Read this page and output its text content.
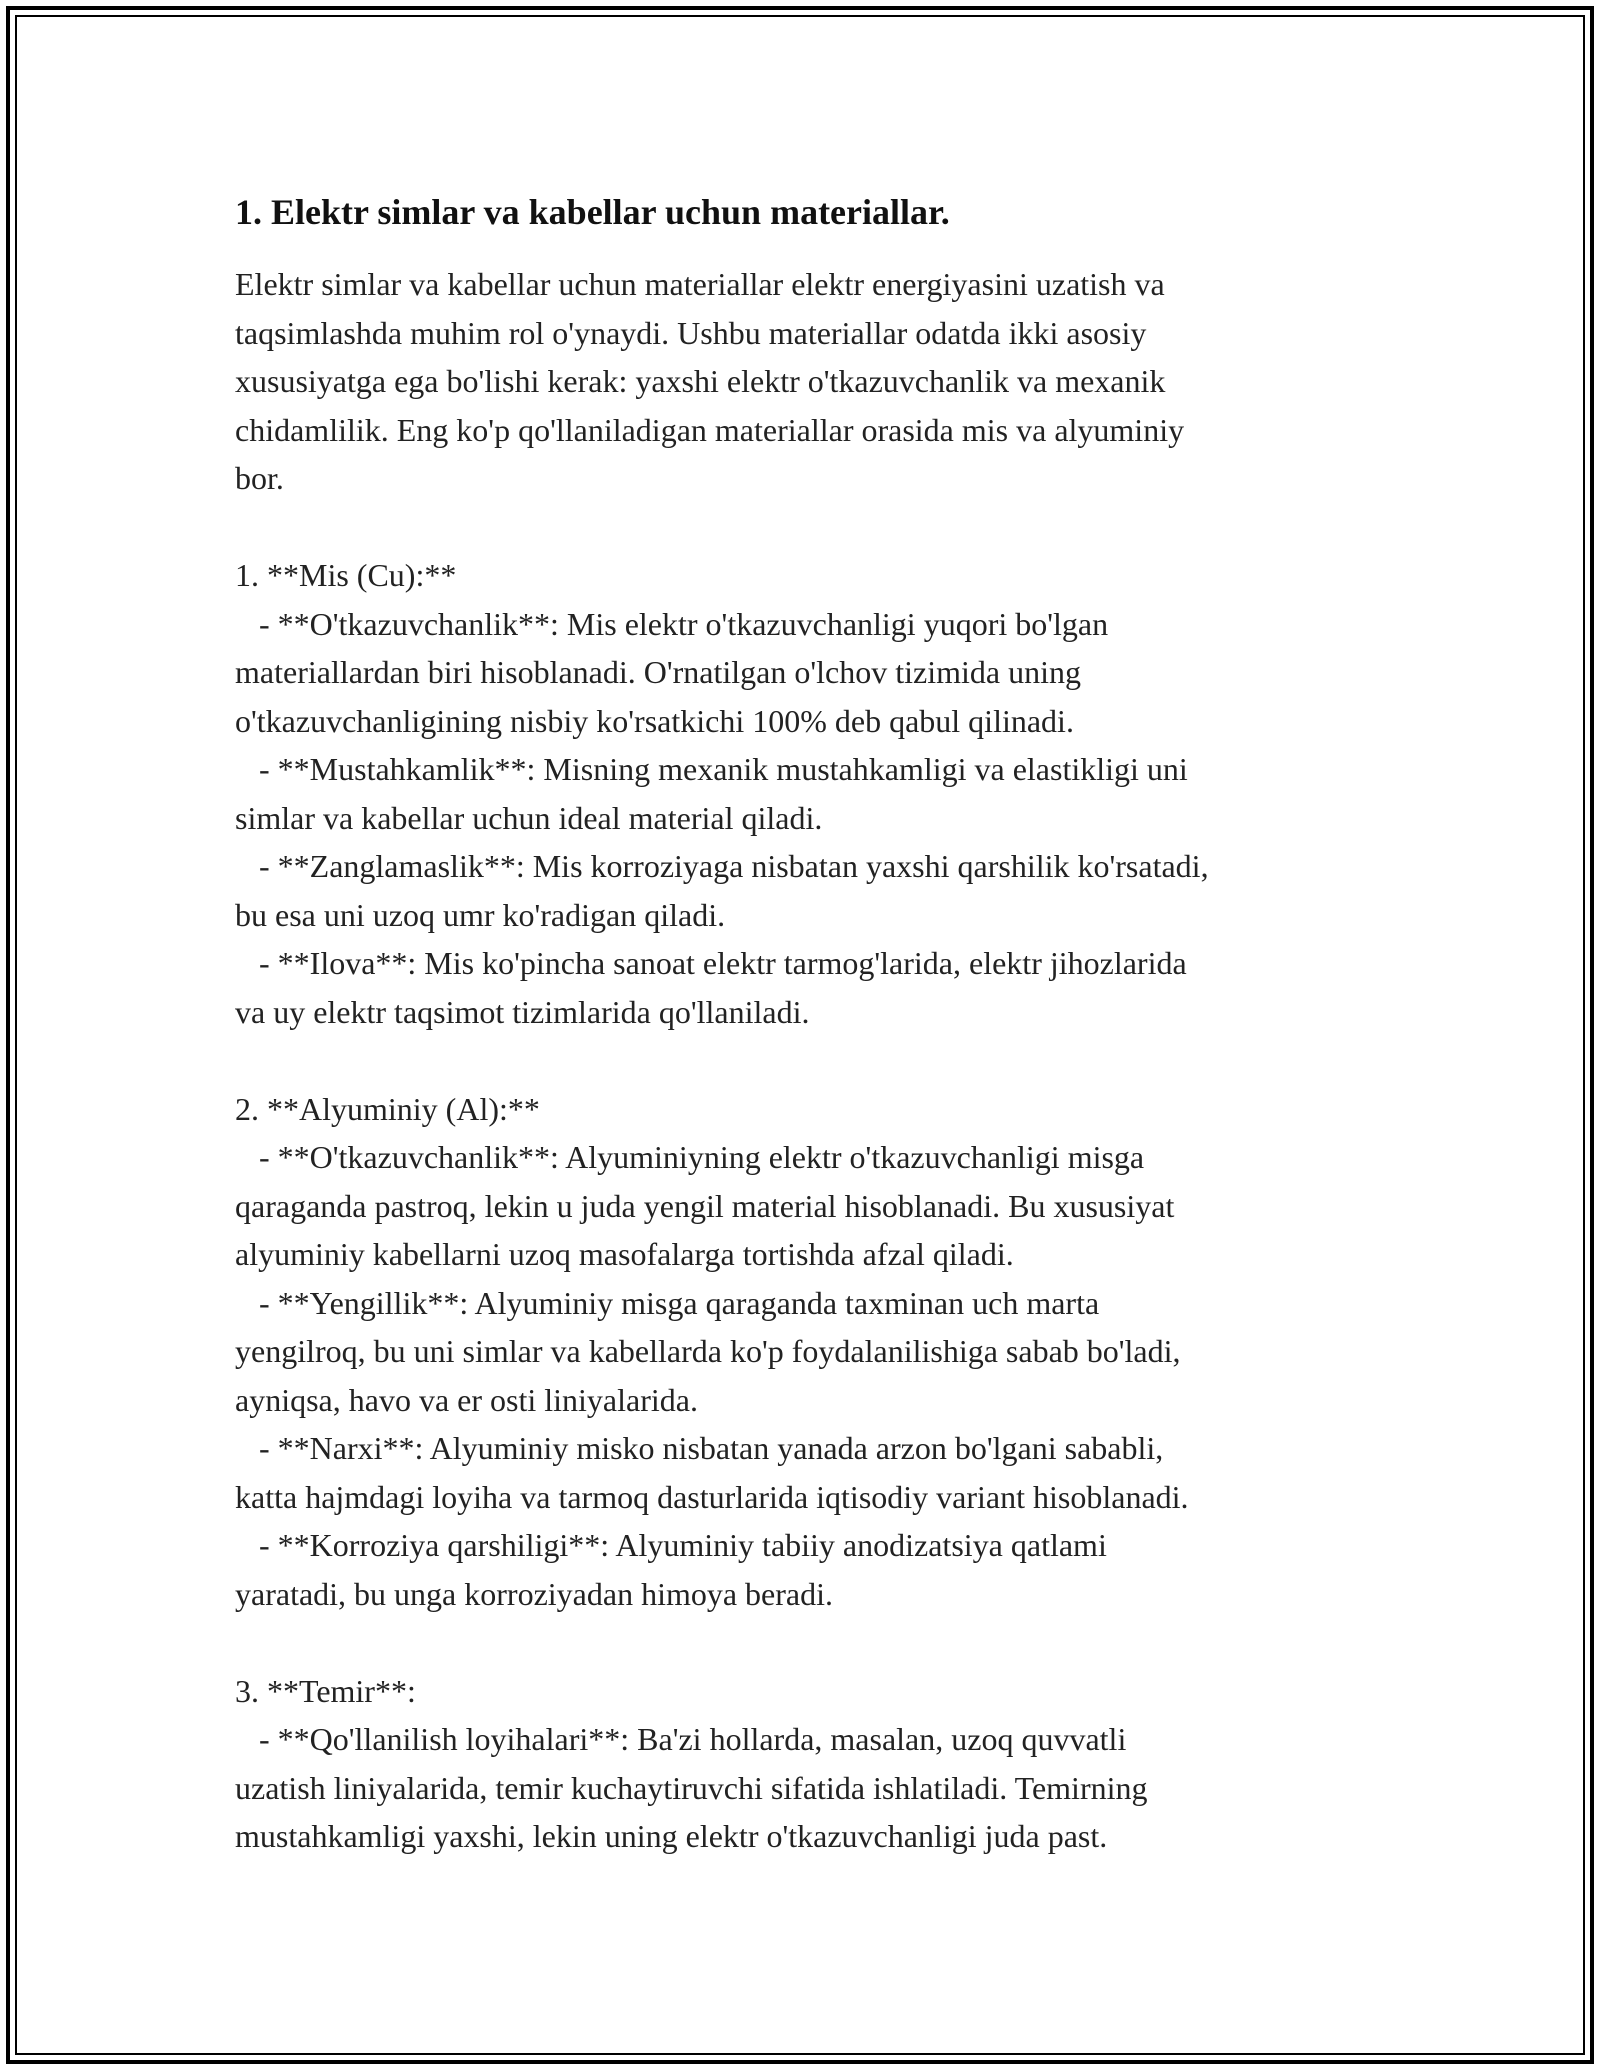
1. Elektr simlar va kabellar uchun materiallar.

Elektr simlar va kabellar uchun materiallar elektr energiyasini uzatish va
taqsimlashda muhim rol o'ynaydi. Ushbu materiallar odatda ikki asosiy
xususiyatga ega bo'lishi kerak: yaxshi elektr o'tkazuvchanlik va mexanik
chidamlilik. Eng ko'p qo'llaniladigan materiallar orasida mis va alyuminiy
bor.

1. **Mis (Cu):**
- **O'tkazuvchanlik**: Mis elektr o'tkazuvchanligi yuqori bo'lgan
materiallardan biri hisoblanadi. O'rnatilgan o'lchov tizimida uning
o'tkazuvchanligining nisbiy ko'rsatkichi 100% deb qabul qilinadi.
- **Mustahkamlik**: Misning mexanik mustahkamligi va elastikligi uni
simlar va kabellar uchun ideal material qiladi.
- **Zanglamaslik**: Mis korroziyaga nisbatan yaxshi qarshilik ko'rsatadi,
bu esa uni uzoq umr ko'radigan qiladi.
- **Ilova**: Mis ko'pincha sanoat elektr tarmog'larida, elektr jihozlarida
va uy elektr taqsimot tizimlarida qo'llaniladi.

2. **Alyuminiy (Al):**
- **O'tkazuvchanlik**: Alyuminiyning elektr o'tkazuvchanligi misga
qaraganda pastroq, lekin u juda yengil material hisoblanadi. Bu xususiyat
alyuminiy kabellarni uzoq masofalarga tortishda afzal qiladi.
- **Yengillik**: Alyuminiy misga qaraganda taxminan uch marta
yengilroq, bu uni simlar va kabellarda ko'p foydalanilishiga sabab bo'ladi,
ayniqsa, havo va er osti liniyalarida.
- **Narxi**: Alyuminiy misko nisbatan yanada arzon bo'lgani sababli,
katta hajmdagi loyiha va tarmoq dasturlarida iqtisodiy variant hisoblanadi.
- **Korroziya qarshiligi**: Alyuminiy tabiiy anodizatsiya qatlami
yaratadi, bu unga korroziyadan himoya beradi.

3. **Temir**:
- **Qo'llanilish loyihalari**: Ba'zi hollarda, masalan, uzoq quvvatli
uzatish liniyalarida, temir kuchaytiruvchi sifatida ishlatiladi. Temirning
mustahkamligi yaxshi, lekin uning elektr o'tkazuvchanligi juda past.
